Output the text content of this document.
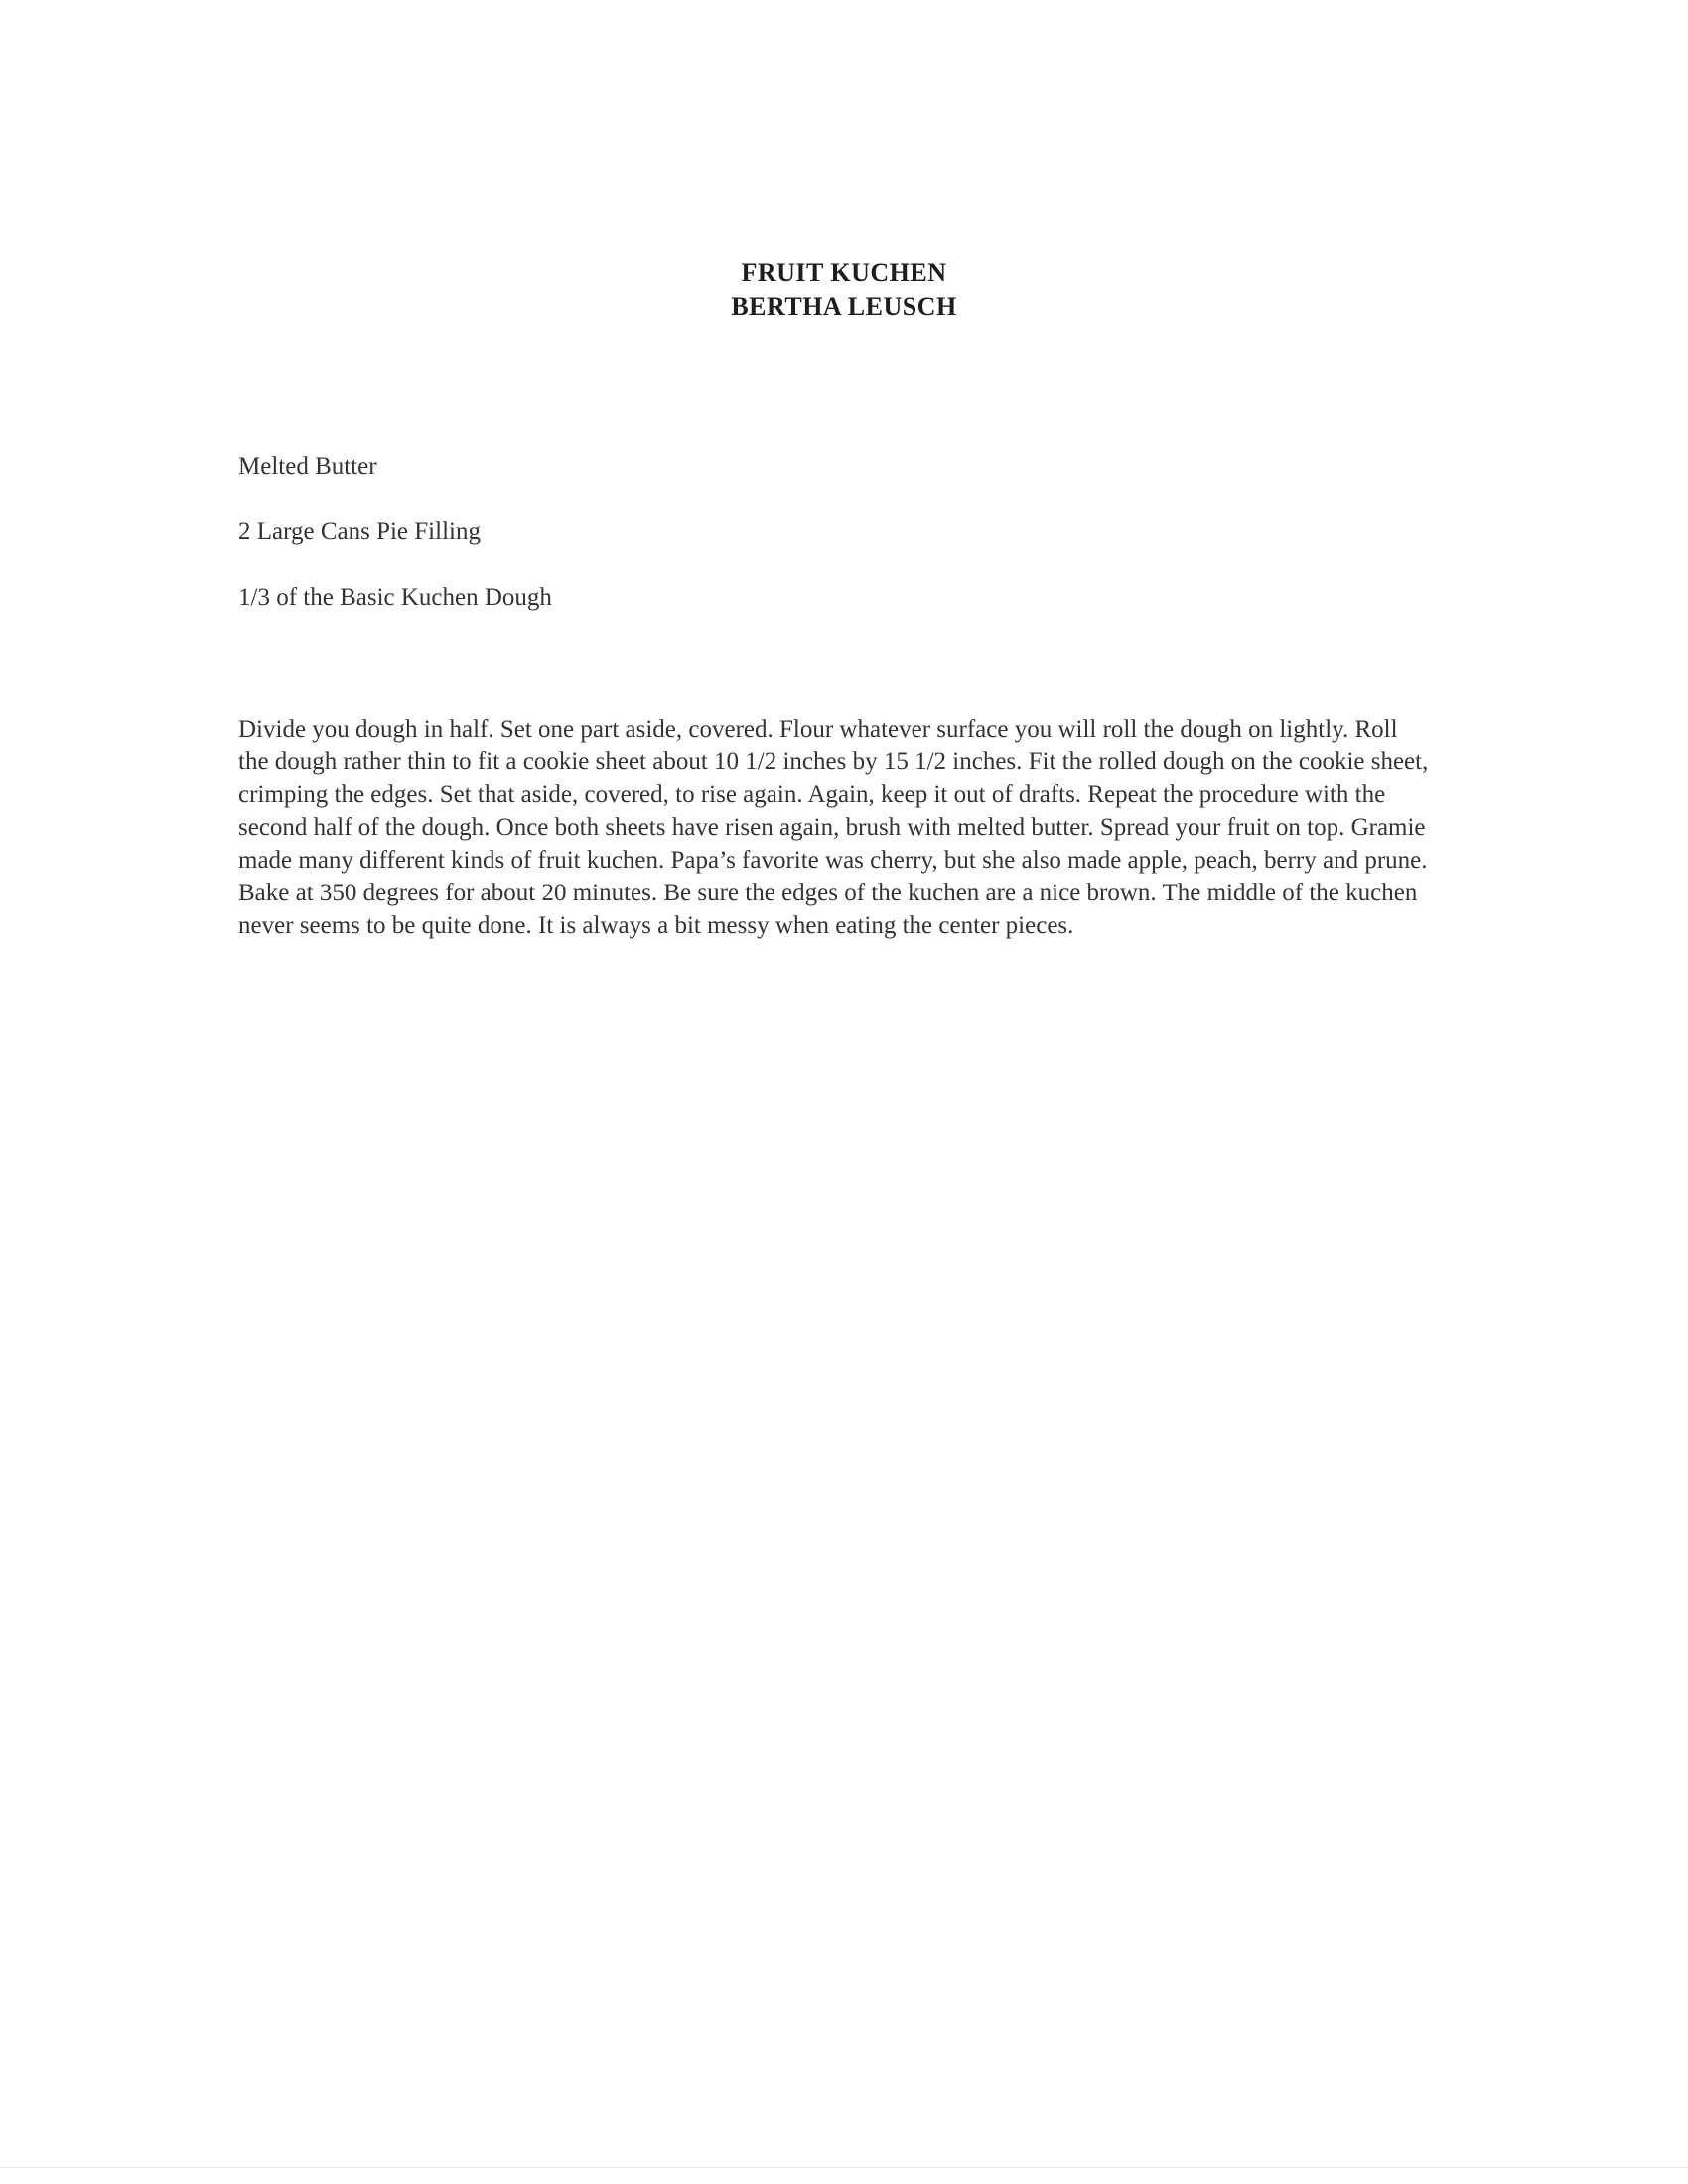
FRUIT KUCHEN
BERTHA LEUSCH
Melted Butter
2 Large Cans Pie Filling
1/3 of the Basic Kuchen Dough

Divide you dough in half. Set one part aside, covered. Flour whatever surface you will roll the dough on lightly. Roll the dough rather thin to fit a cookie sheet about 10 1/2 inches by 15 1/2 inches. Fit the rolled dough on the cookie sheet, crimping the edges. Set that aside, covered, to rise again. Again, keep it out of drafts. Repeat the procedure with the second half of the dough. Once both sheets have risen again, brush with melted butter. Spread your fruit on top. Gramie made many different kinds of fruit kuchen. Papa’s favorite was cherry, but she also made apple, peach, berry and prune. Bake at 350 degrees for about 20 minutes. Be sure the edges of the kuchen are a nice brown. The middle of the kuchen never seems to be quite done. It is always a bit messy when eating the center pieces.
